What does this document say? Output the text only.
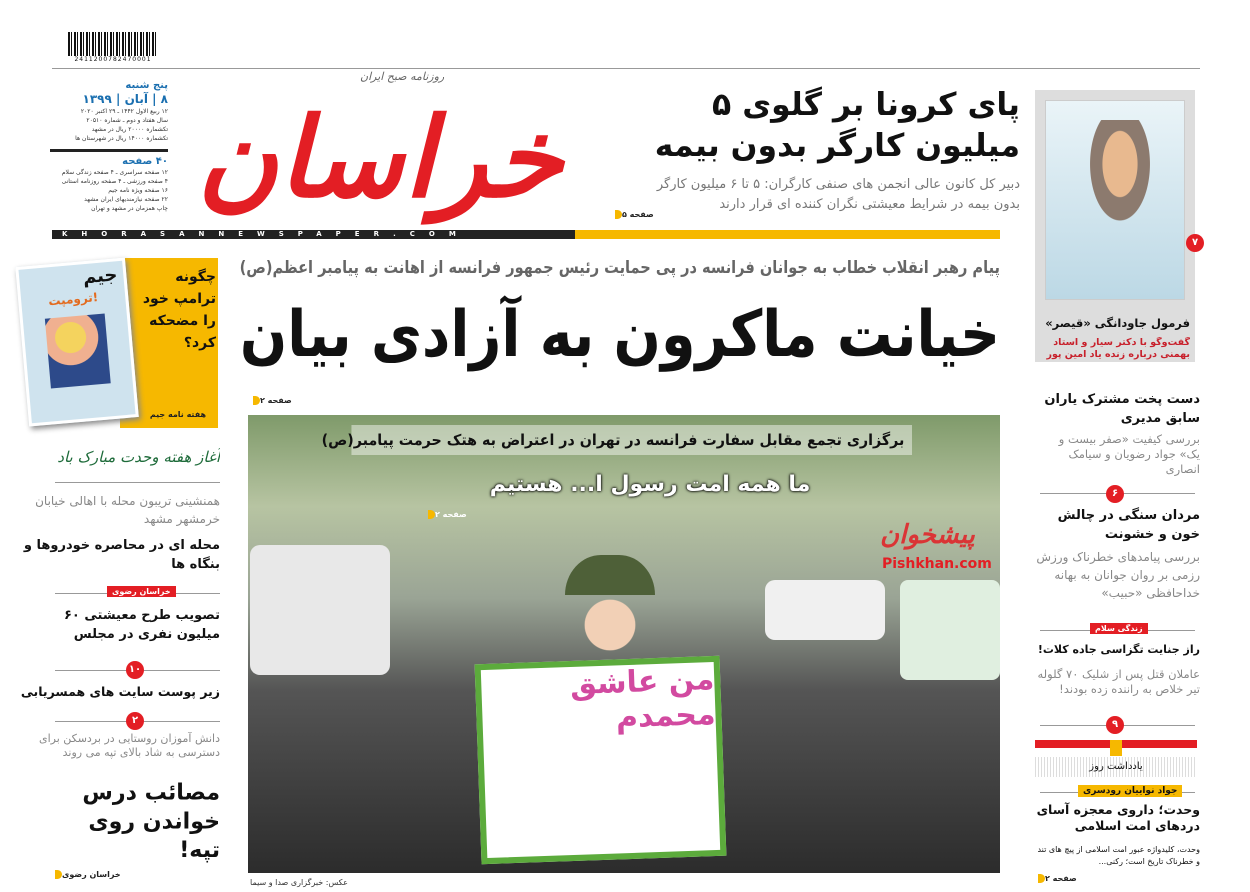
2411200782470001
پنج شنبه
۸ | آبان | ۱۳۹۹
۱۲ ربیع الاول ۱۴۴۲ ـ ۲۹ اکتبر ۲۰۲۰
سال هفتاد و دوم ـ شماره ۲۰۵۱۰
تکشماره ۲۰۰۰۰ ریال در مشهد
تکشماره ۱۴۰۰۰ ریال در شهرستان ها
۴۰ صفحه
۱۲ صفحه سراسری ـ ۴ صفحه زندگی سلام
۴ صفحه ورزشی ـ ۴ صفحه روزنامه استانی
۱۶ صفحه ویژه نامه جیم
۲۲ صفحه نیازمندیهای ایران مشهد
چاپ همزمان در مشهد و تهران خراسان
روزنامه صبح ایران
KHORASANNEWSPAPER.COM
پای کرونا بر گلوی ۵ میلیون کارگر بدون بیمه
دبیر کل کانون عالی انجمن های صنفی کارگران: ۵ تا ۶ میلیون کارگر بدون بیمه در شرایط معیشتی نگران کننده ای قرار دارند
صفحه ۵
۷
فرمول جاودانگی «قیصر»
گفت‌وگو با دکتر سیار و استاد بهمنی درباره زنده یاد امین پور
دست پخت مشترک یاران سابق مدیری
بررسی کیفیت «صفر بیست و یک» جواد رضویان و سیامک انصاری
۶
مردان سنگی در چالش خون و خشونت
بررسی پیامدهای خطرناک ورزش رزمی بر روان جوانان به بهانه خداحافظی «حبیب»
زندگی سلام
راز جنایت تگزاسی جاده کلات!
عاملان قتل پس از شلیک ۷۰ گلوله تیر خلاص به راننده زده بودند!
۹
یادداشت روز
جواد نواییان رودسری
وحدت؛ داروی معجزه آسای دردهای امت اسلامی
وحدت، کلیدواژه عبور امت اسلامی از پیچ های تند و خطرناک تاریخ است؛ رکنی...
صفحه ۲
پیام رهبر انقلاب خطاب به جوانان فرانسه در پی حمایت رئیس جمهور فرانسه از اهانت به پیامبر اعظم(ص)
خیانت ماکرون به آزادی بیان
صفحه ۲
برگزاری تجمع مقابل سفارت فرانسه در تهران در اعتراض به هتک حرمت پیامبر(ص)
ما همه امت رسول ا... هستیم
صفحه ۲
من عاشق محمدم
عکس: خبرگزاری صدا و سیما
جیم
ترومپت!
چگونه ترامپ خود را مضحکه کرد؟
هفته نامه جیم
آغاز هفته وحدت مبارک باد
همنشینی تریبون محله با اهالی خیابان خرمشهر مشهد
محله ای در محاصره خودروها و بنگاه ها
خراسان رضوی
تصویب طرح معیشتی ۶۰ میلیون نفری در مجلس
۱۰
زیر پوست سایت های همسریابی
۲
دانش آموزان روستایی در بردسکن برای دسترسی به شاد بالای تپه می روند
مصائب درس خواندن روی تپه!
خراسان رضوی
پیشخوان
Pishkhan.com
